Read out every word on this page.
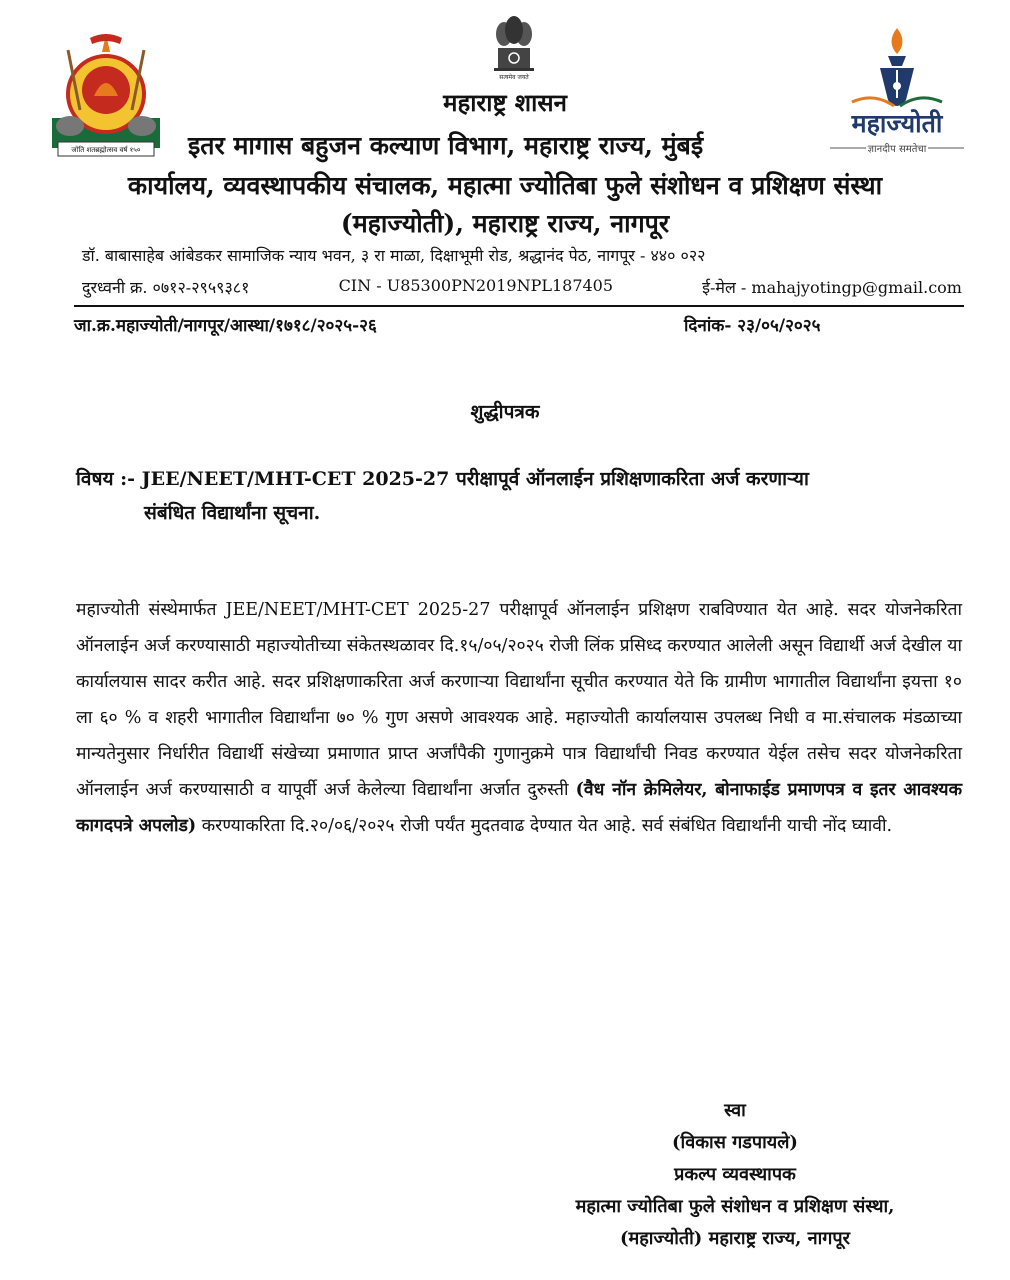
जोति शतब्रह्मोत्सव वर्ष १५०
सत्यमेव जयते
महाज्योती
ज्ञानदीप समतेचा
महाराष्ट्र शासन
इतर मागास बहुजन कल्याण विभाग, महाराष्ट्र राज्य, मुंबई
कार्यालय, व्यवस्थापकीय संचालक, महात्मा ज्योतिबा फुले संशोधन व प्रशिक्षण संस्था
(महाज्योती), महाराष्ट्र राज्य, नागपूर
डॉ. बाबासाहेब आंबेडकर सामाजिक न्याय भवन, ३ रा माळा, दिक्षाभूमी रोड, श्रद्धानंद पेठ, नागपूर - ४४० ०२२
दुरध्वनी क्र. ०७१२-२९५९३८१	CIN - U85300PN2019NPL187405	ई-मेल - mahajyotingp@gmail.com
जा.क्र.महाज्योती/नागपूर/आस्था/१७१८/२०२५-२६	दिनांक- २३/०५/२०२५
शुद्धीपत्रक
विषय :- JEE/NEET/MHT-CET 2025-27 परीक्षापूर्व ऑनलाईन प्रशिक्षणाकरिता अर्ज करणाऱ्या
संबंधित विद्यार्थांना सूचना.
महाज्योती संस्थेमार्फत JEE/NEET/MHT-CET 2025-27 परीक्षापूर्व ऑनलाईन प्रशिक्षण राबविण्यात येत आहे. सदर योजनेकरिता ऑनलाईन अर्ज करण्यासाठी महाज्योतीच्या संकेतस्थळावर दि.१५/०५/२०२५ रोजी लिंक प्रसिध्द करण्यात आलेली असून विद्यार्थी अर्ज देखील या कार्यालयास सादर करीत आहे. सदर प्रशिक्षणाकरिता अर्ज करणाऱ्या विद्यार्थांना सूचीत करण्यात येते कि ग्रामीण भागातील विद्यार्थांना इयत्ता १० ला ६० % व शहरी भागातील विद्यार्थांना ७० % गुण असणे आवश्यक आहे. महाज्योती कार्यालयास उपलब्ध निधी व मा.संचालक मंडळाच्या मान्यतेनुसार निर्धारीत विद्यार्थी संखेच्या प्रमाणात प्राप्त अर्जांपैकी गुणानुक्रमे पात्र विद्यार्थांची निवड करण्यात येईल तसेच सदर योजनेकरिता ऑनलाईन अर्ज करण्यासाठी व यापूर्वी अर्ज केलेल्या विद्यार्थांना अर्जात दुरुस्ती (वैध नॉन क्रेमिलेयर, बोनाफाईड प्रमाणपत्र व इतर आवश्यक कागदपत्रे अपलोड) करण्याकरिता दि.२०/०६/२०२५ रोजी पर्यंत मुदतवाढ देण्यात येत आहे. सर्व संबंधित विद्यार्थांनी याची नोंद घ्यावी.
स्वा
(विकास गडपायले)
प्रकल्प व्यवस्थापक
महात्मा ज्योतिबा फुले संशोधन व प्रशिक्षण संस्था,
(महाज्योती) महाराष्ट्र राज्य, नागपूर
